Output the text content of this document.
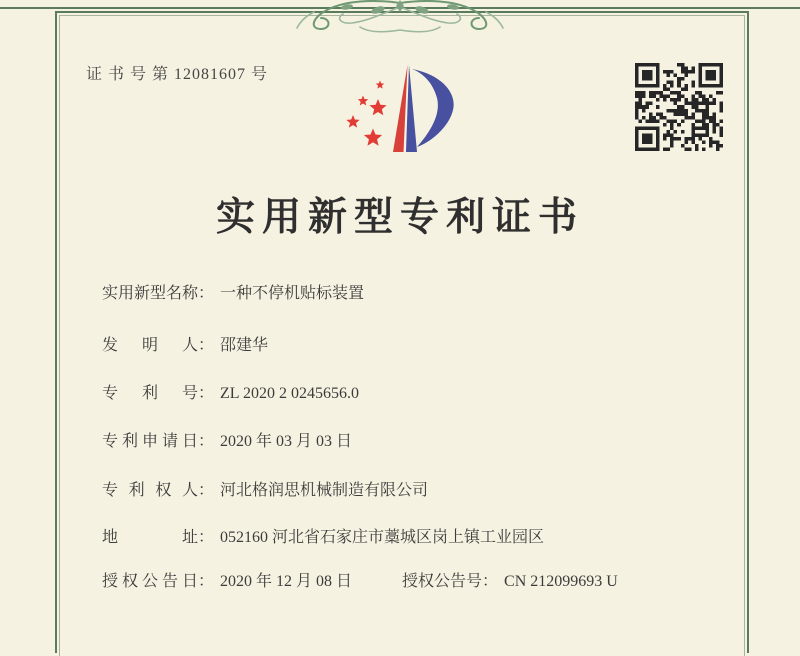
证 书 号 第 12081607 号
实用新型专利证书
实用新型名称： 一种不停机贴标装置
发明人： 邵建华
专利号： ZL 2020 2 0245656.0
专利申请日： 2020 年 03 月 03 日
专利权人： 河北格润思机械制造有限公司
地址： 052160 河北省石家庄市藁城区岗上镇工业园区
授权公告日： 2020 年 12 月 08 日	授权公告号： CN 212099693 U
